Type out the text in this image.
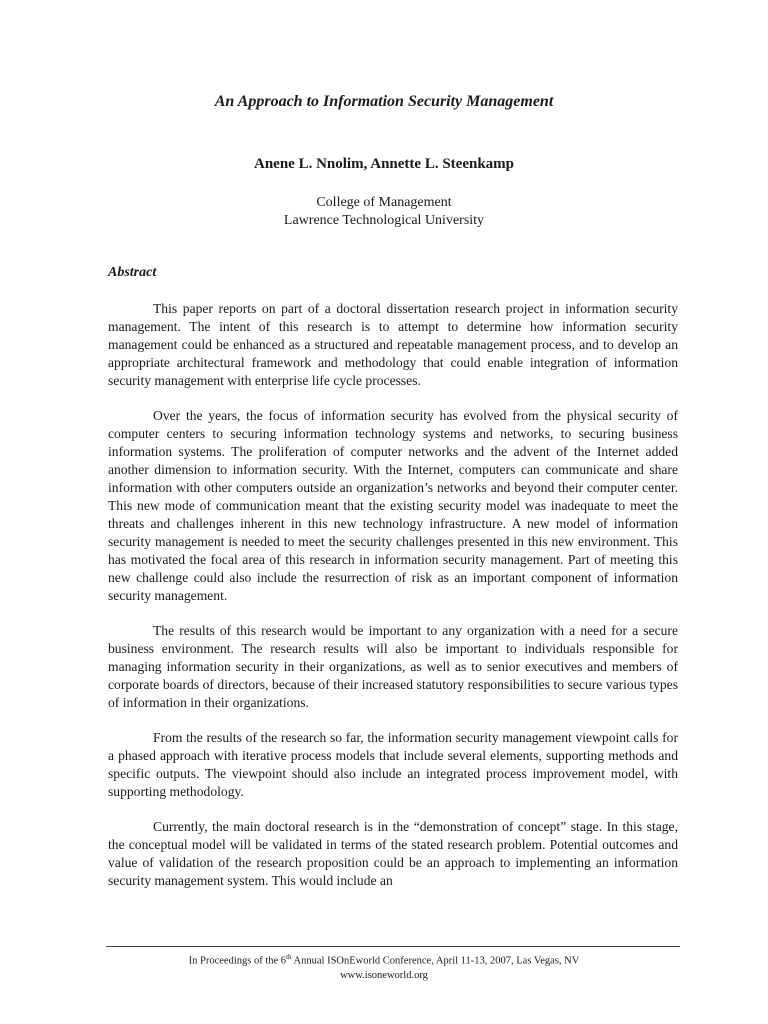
An Approach to Information Security Management
Anene L. Nnolim, Annette L. Steenkamp
College of Management
Lawrence Technological University
Abstract

This paper reports on part of a doctoral dissertation research project in information security management. The intent of this research is to attempt to determine how information security management could be enhanced as a structured and repeatable management process, and to develop an appropriate architectural framework and methodology that could enable integration of information security management with enterprise life cycle processes.

Over the years, the focus of information security has evolved from the physical security of computer centers to securing information technology systems and networks, to securing business information systems. The proliferation of computer networks and the advent of the Internet added another dimension to information security. With the Internet, computers can communicate and share information with other computers outside an organization’s networks and beyond their computer center. This new mode of communication meant that the existing security model was inadequate to meet the threats and challenges inherent in this new technology infrastructure. A new model of information security management is needed to meet the security challenges presented in this new environment. This has motivated the focal area of this research in information security management. Part of meeting this new challenge could also include the resurrection of risk as an important component of information security management.

The results of this research would be important to any organization with a need for a secure business environment. The research results will also be important to individuals responsible for managing information security in their organizations, as well as to senior executives and members of corporate boards of directors, because of their increased statutory responsibilities to secure various types of information in their organizations.

From the results of the research so far, the information security management viewpoint calls for a phased approach with iterative process models that include several elements, supporting methods and specific outputs. The viewpoint should also include an integrated process improvement model, with supporting methodology.

Currently, the main doctoral research is in the “demonstration of concept” stage. In this stage, the conceptual model will be validated in terms of the stated research problem. Potential outcomes and value of validation of the research proposition could be an approach to implementing an information security management system. This would include an

In Proceedings of the 6th Annual ISOnEworld Conference, April 11-13, 2007, Las Vegas, NV
www.isoneworld.org
